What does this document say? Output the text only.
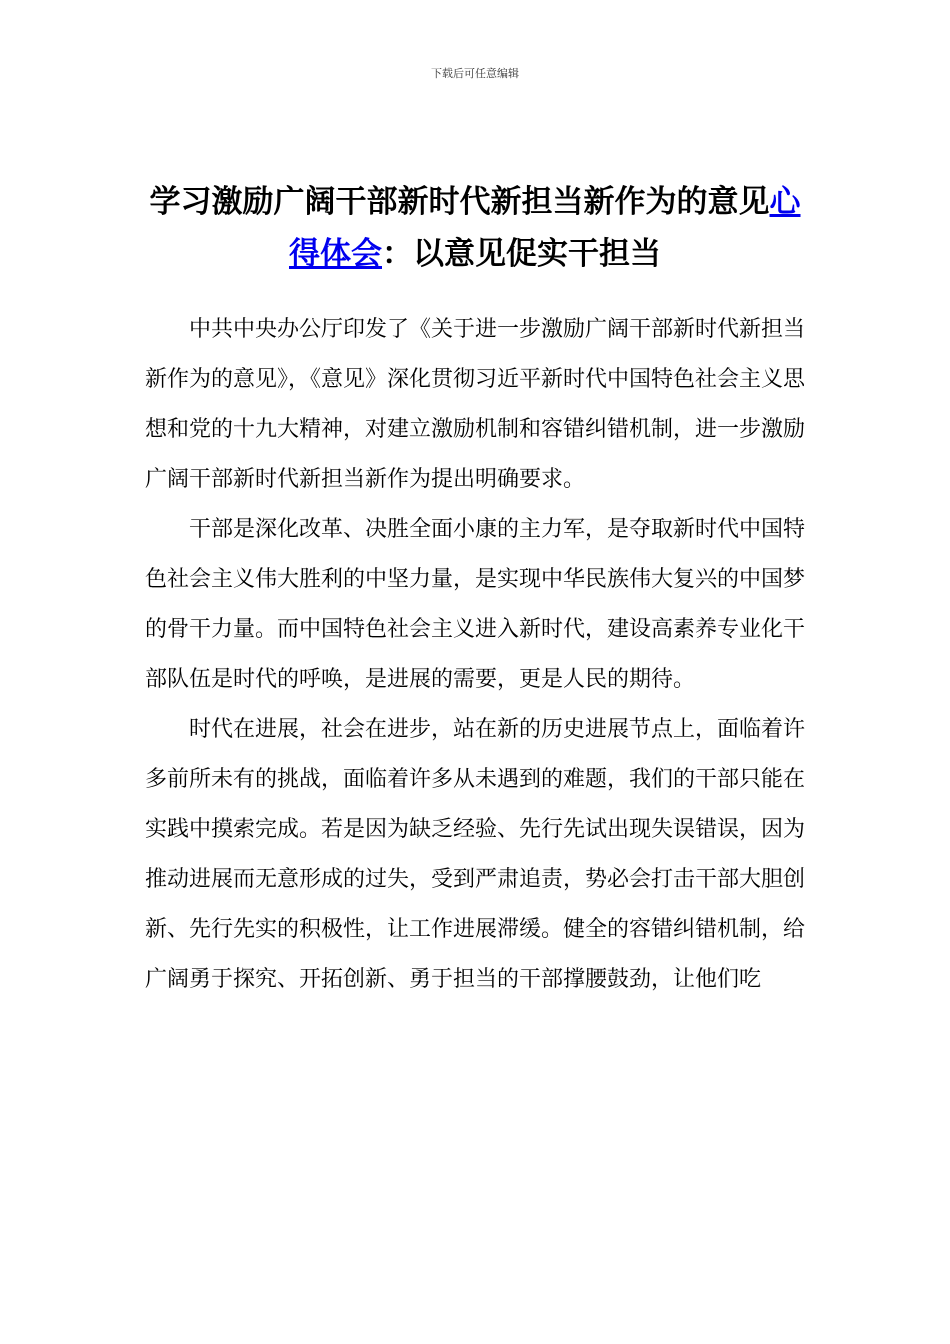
下载后可任意编辑
学习激励广阔干部新时代新担当新作为的意见心得体会：以意见促实干担当

中共中央办公厅印发了《关于进一步激励广阔干部新时代新担当新作为的意见》，《意见》深化贯彻习近平新时代中国特色社会主义思想和党的十九大精神，对建立激励机制和容错纠错机制，进一步激励广阔干部新时代新担当新作为提出明确要求。

干部是深化改革、决胜全面小康的主力军，是夺取新时代中国特色社会主义伟大胜利的中坚力量，是实现中华民族伟大复兴的中国梦的骨干力量。而中国特色社会主义进入新时代，建设高素养专业化干部队伍是时代的呼唤，是进展的需要，更是人民的期待。

时代在进展，社会在进步，站在新的历史进展节点上，面临着许多前所未有的挑战，面临着许多从未遇到的难题，我们的干部只能在实践中摸索完成。若是因为缺乏经验、先行先试出现失误错误，因为推动进展而无意形成的过失，受到严肃追责，势必会打击干部大胆创新、先行先实的积极性，让工作进展滞缓。健全的容错纠错机制，给广阔勇于探究、开拓创新、勇于担当的干部撑腰鼓劲，让他们吃
